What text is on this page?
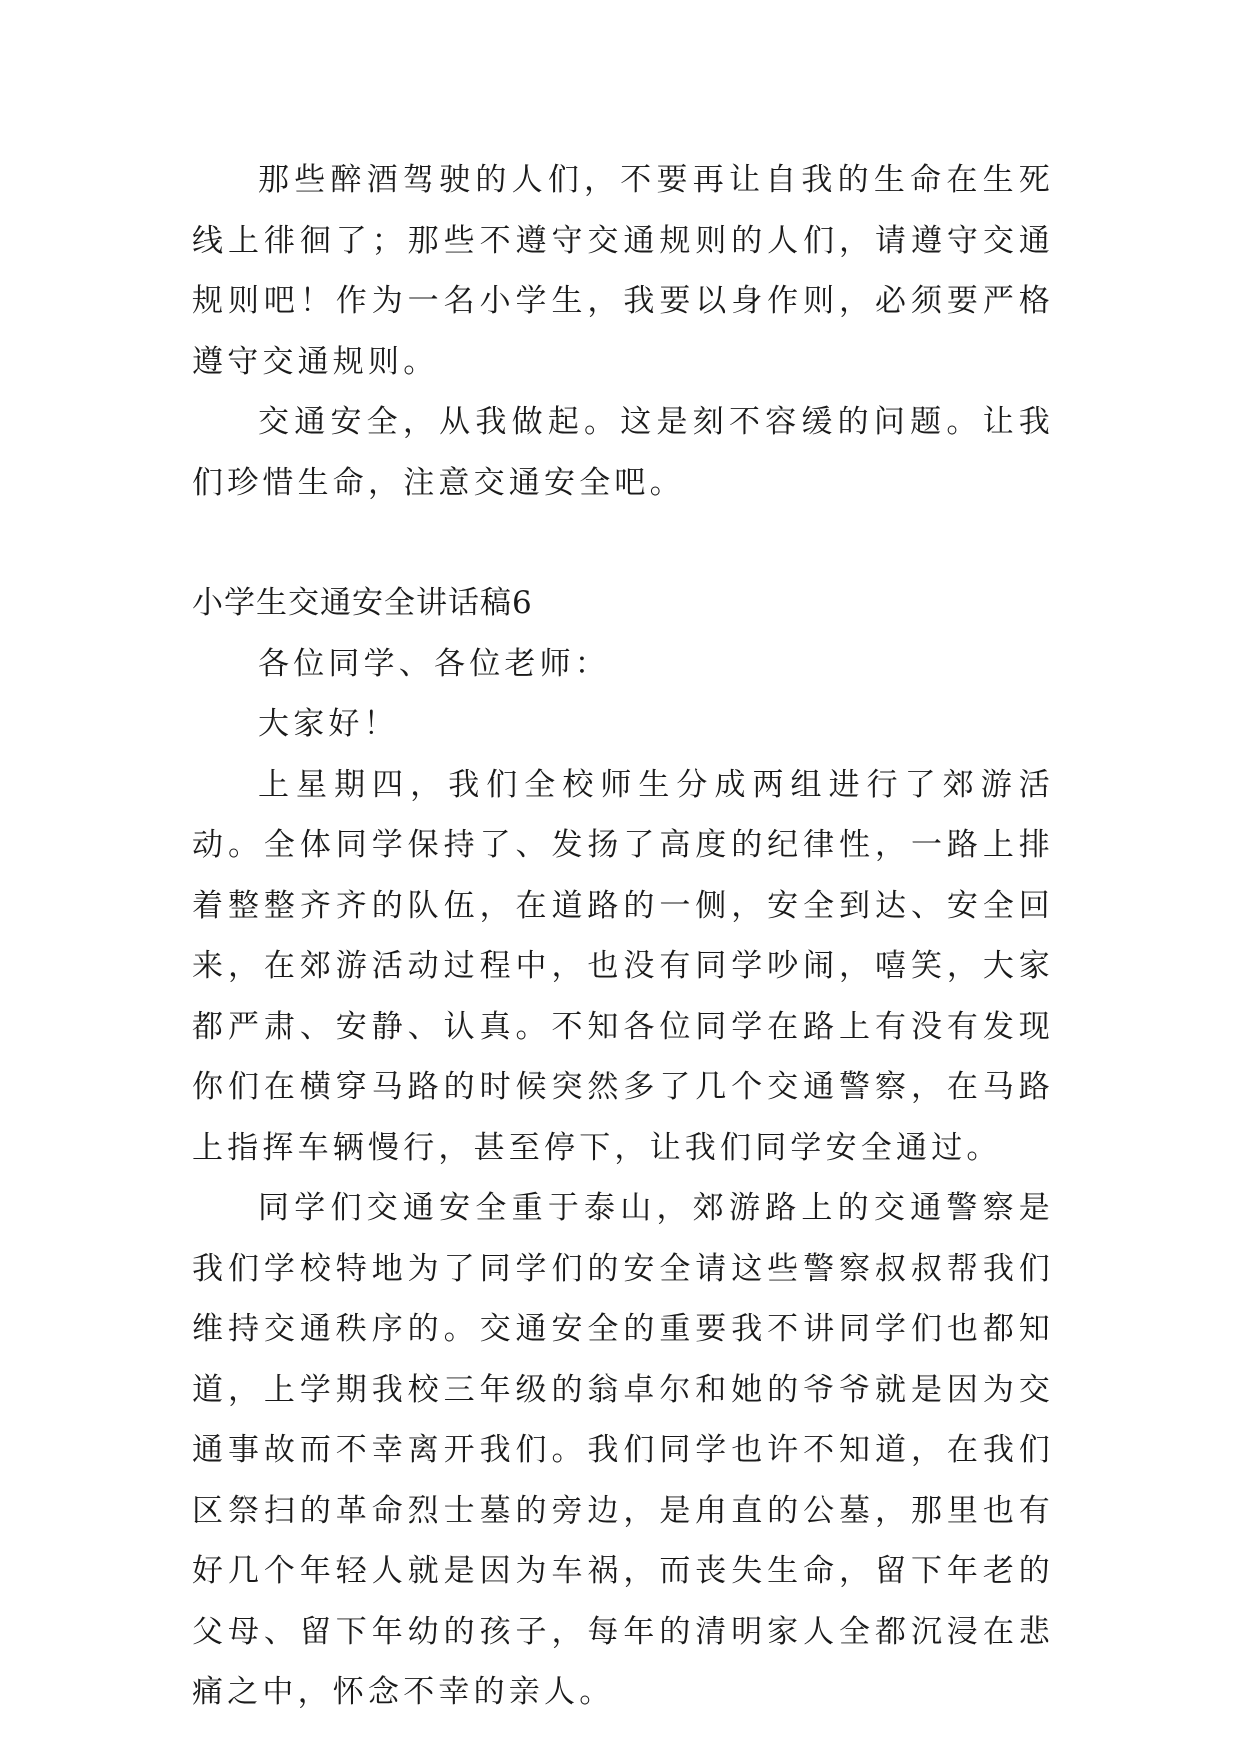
那些醉酒驾驶的人们，不要再让自我的生命在生死线上徘徊了；那些不遵守交通规则的人们，请遵守交通规则吧！作为一名小学生，我要以身作则，必须要严格遵守交通规则。

交通安全，从我做起。这是刻不容缓的问题。让我们珍惜生命，注意交通安全吧。

小学生交通安全讲话稿6

各位同学、各位老师：

大家好！

上星期四，我们全校师生分成两组进行了郊游活动。全体同学保持了、发扬了高度的纪律性，一路上排着整整齐齐的队伍，在道路的一侧，安全到达、安全回来，在郊游活动过程中，也没有同学吵闹，嘻笑，大家都严肃、安静、认真。不知各位同学在路上有没有发现你们在横穿马路的时候突然多了几个交通警察，在马路上指挥车辆慢行，甚至停下，让我们同学安全通过。

同学们交通安全重于泰山，郊游路上的交通警察是我们学校特地为了同学们的安全请这些警察叔叔帮我们维持交通秩序的。交通安全的重要我不讲同学们也都知道，上学期我校三年级的翁卓尔和她的爷爷就是因为交通事故而不幸离开我们。我们同学也许不知道，在我们区祭扫的革命烈士墓的旁边，是甪直的公墓，那里也有好几个年轻人就是因为车祸，而丧失生命，留下年老的父母、留下年幼的孩子，每年的清明家人全都沉浸在悲痛之中，怀念不幸的亲人。
